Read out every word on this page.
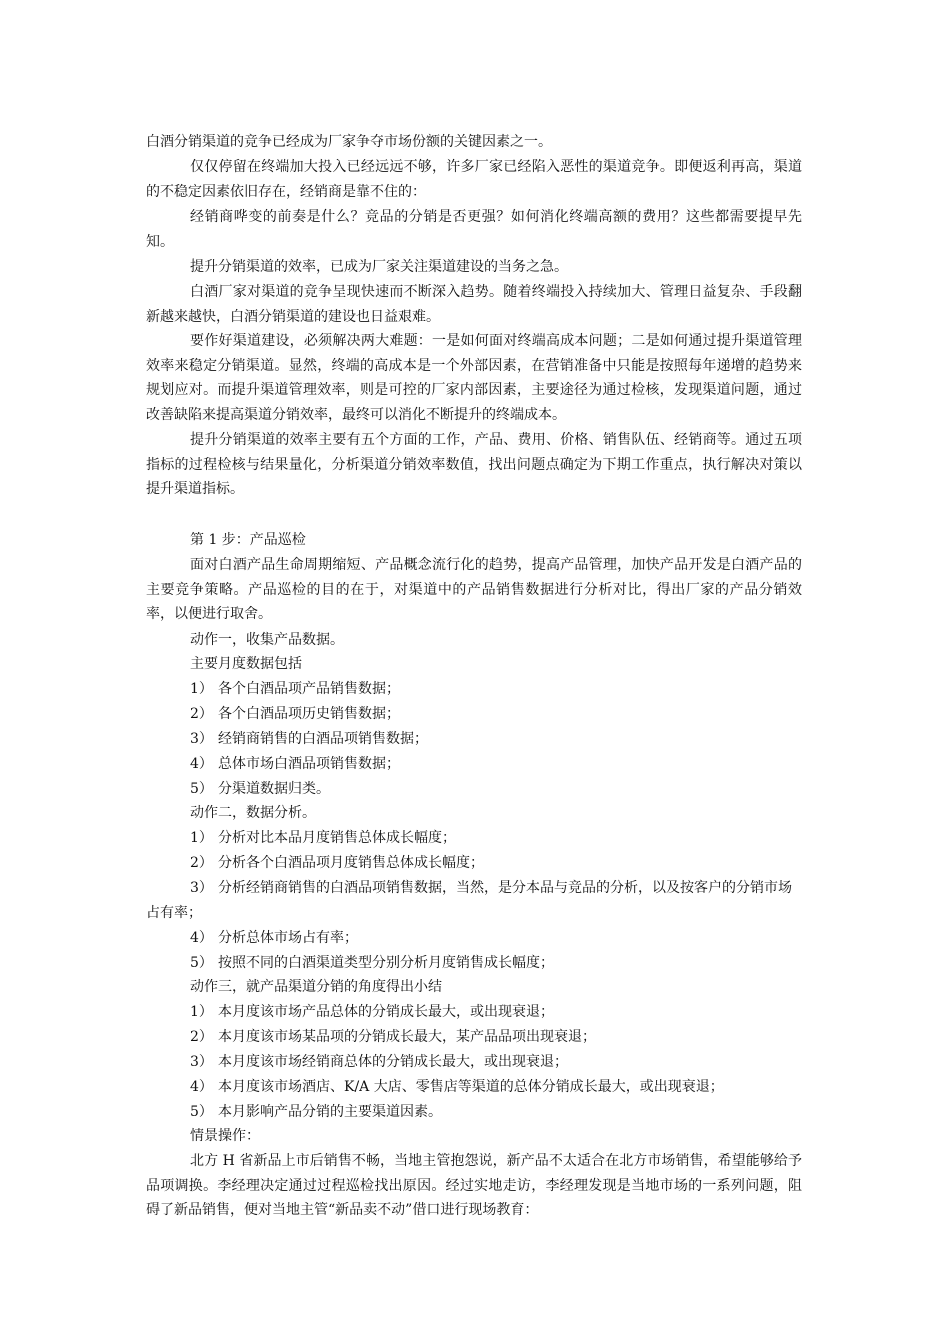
白酒分销渠道的竞争已经成为厂家争夺市场份额的关键因素之一。

仅仅停留在终端加大投入已经远远不够，许多厂家已经陷入恶性的渠道竞争。即便返利再高，渠道的不稳定因素依旧存在，经销商是靠不住的：

经销商哗变的前奏是什么？竞品的分销是否更强？如何消化终端高额的费用？这些都需要提早先知。

提升分销渠道的效率，已成为厂家关注渠道建设的当务之急。

白酒厂家对渠道的竞争呈现快速而不断深入趋势。随着终端投入持续加大、管理日益复杂、手段翻新越来越快，白酒分销渠道的建设也日益艰难。

要作好渠道建设，必须解决两大难题：一是如何面对终端高成本问题；二是如何通过提升渠道管理效率来稳定分销渠道。显然，终端的高成本是一个外部因素，在营销准备中只能是按照每年递增的趋势来规划应对。而提升渠道管理效率，则是可控的厂家内部因素，主要途径为通过检核，发现渠道问题，通过改善缺陷来提高渠道分销效率，最终可以消化不断提升的终端成本。

提升分销渠道的效率主要有五个方面的工作，产品、费用、价格、销售队伍、经销商等。通过五项指标的过程检核与结果量化，分析渠道分销效率数值，找出问题点确定为下期工作重点，执行解决对策以提升渠道指标。

第 1 步：产品巡检

面对白酒产品生命周期缩短、产品概念流行化的趋势，提高产品管理，加快产品开发是白酒产品的主要竞争策略。产品巡检的目的在于，对渠道中的产品销售数据进行分析对比，得出厂家的产品分销效率，以便进行取舍。

动作一，收集产品数据。

主要月度数据包括

1） 各个白酒品项产品销售数据；
2） 各个白酒品项历史销售数据；
3） 经销商销售的白酒品项销售数据；
4） 总体市场白酒品项销售数据；
5） 分渠道数据归类。

动作二，数据分析。

1） 分析对比本品月度销售总体成长幅度；
2） 分析各个白酒品项月度销售总体成长幅度；
3） 分析经销商销售的白酒品项销售数据，当然，是分本品与竞品的分析，以及按客户的分销市场
占有率；
4） 分析总体市场占有率；
5） 按照不同的白酒渠道类型分别分析月度销售成长幅度；

动作三，就产品渠道分销的角度得出小结

1） 本月度该市场产品总体的分销成长最大，或出现衰退；
2） 本月度该市场某品项的分销成长最大，某产品品项出现衰退；
3） 本月度该市场经销商总体的分销成长最大，或出现衰退；
4） 本月度该市场酒店、K/A 大店、零售店等渠道的总体分销成长最大，或出现衰退；
5） 本月影响产品分销的主要渠道因素。

情景操作：

北方 H 省新品上市后销售不畅，当地主管抱怨说，新产品不太适合在北方市场销售，希望能够给予品项调换。李经理决定通过过程巡检找出原因。经过实地走访，李经理发现是当地市场的一系列问题，阻碍了新品销售，便对当地主管“新品卖不动”借口进行现场教育：
